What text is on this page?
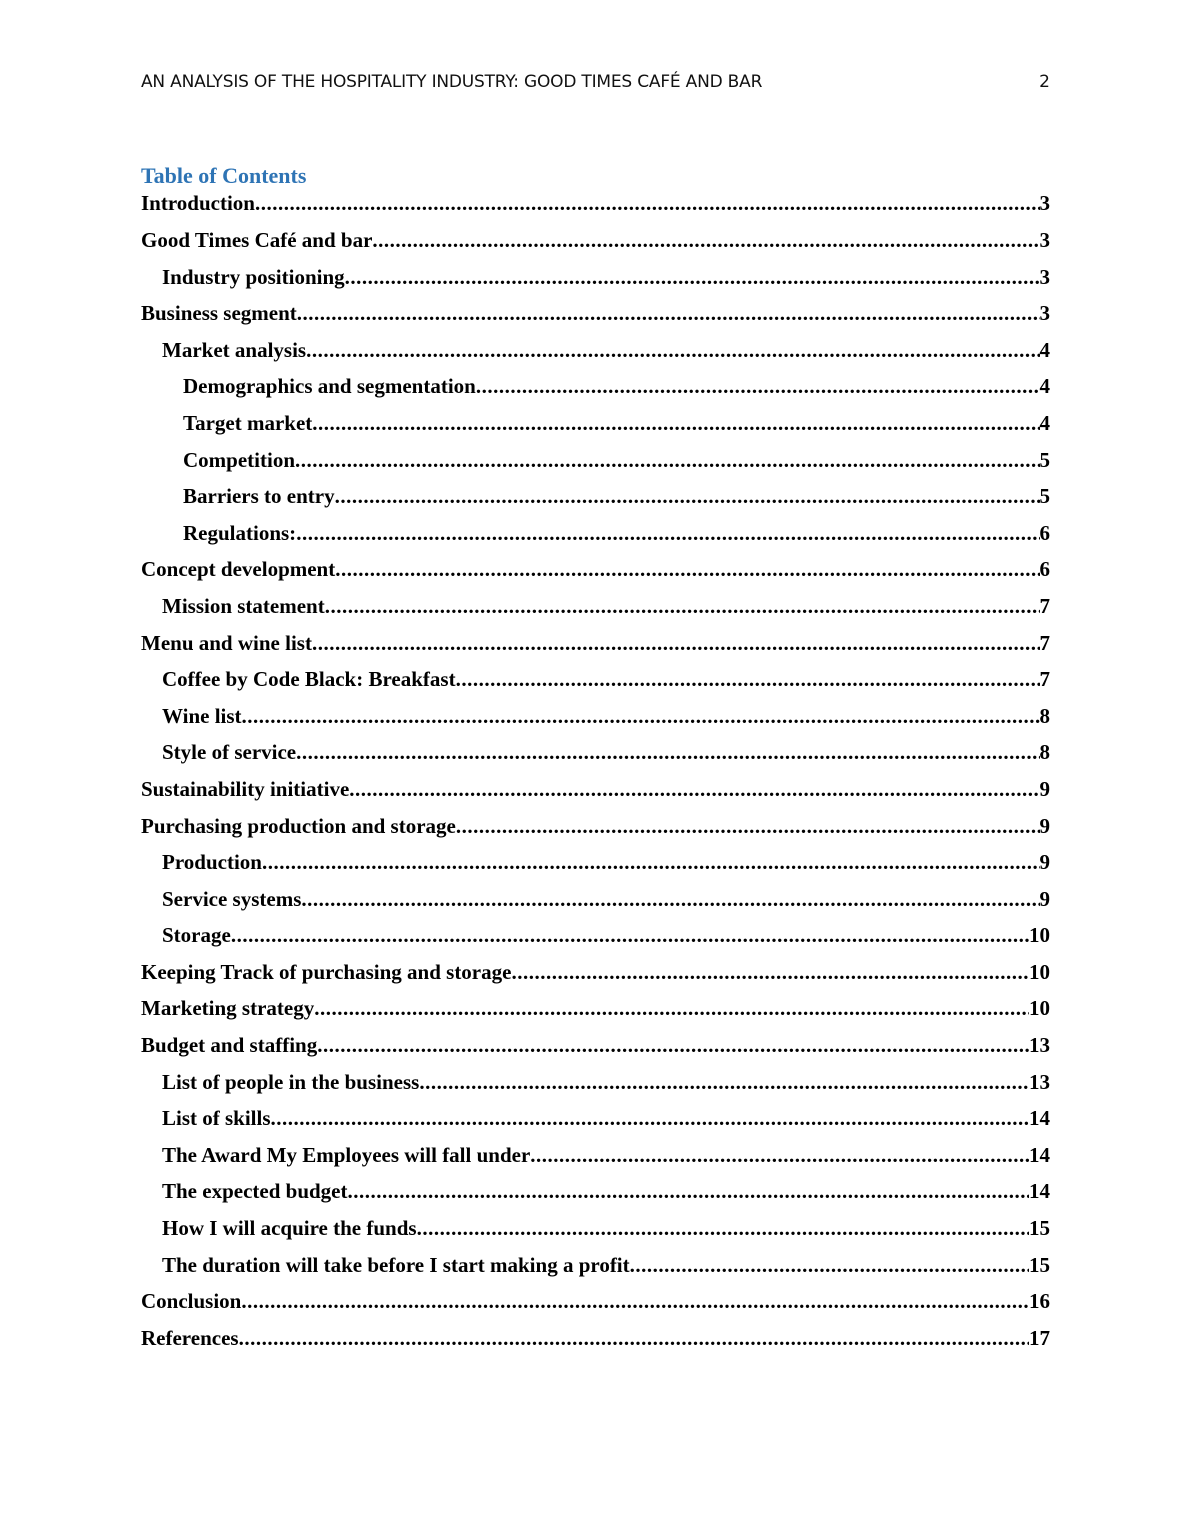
AN ANALYSIS OF THE HOSPITALITY INDUSTRY: GOOD TIMES CAFÉ AND BAR	2
Table of Contents
Introduction .....	3
Good Times Café and bar .....	3
Industry positioning .....	3
Business segment .....	3
Market analysis .....	4
Demographics and segmentation .....	4
Target market .....	4
Competition .....	5
Barriers to entry .....	5
Regulations: .....	6
Concept development .....	6
Mission statement .....	7
Menu and wine list .....	7
Coffee by Code Black: Breakfast .....	7
Wine list .....	8
Style of service .....	8
Sustainability initiative .....	9
Purchasing production and storage .....	9
Production .....	9
Service systems .....	9
Storage .....	10
Keeping Track of purchasing and storage .....	10
Marketing strategy .....	10
Budget and staffing .....	13
List of people in the business .....	13
List of skills .....	14
The Award My Employees will fall under .....	14
The expected budget .....	14
How I will acquire the funds .....	15
The duration will take before I start making a profit .....	15
Conclusion .....	16
References .....	17
